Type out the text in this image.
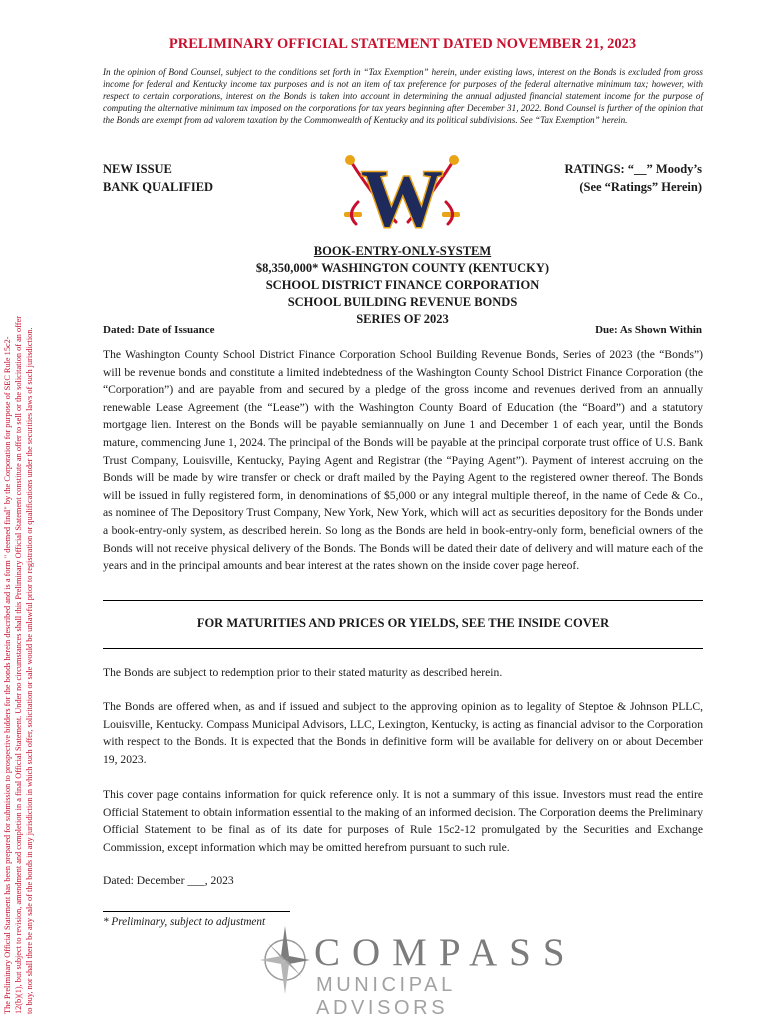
The Preliminary Official Statement has been prepared for submission to prospective bidders for the bonds herein described and is a form " deemed final" by the Corporation for purpose of SEC Rule 15c2- 12(b)(1), but subject to revision, amendment and completion in a final Official Statement. Under no circumstances shall this Preliminary Official Statement constitute an offer to sell or the solicitation of an offer to buy, nor shall there be any sale of the bonds in any jurisdiction in which such offer, solicitation or sale would be unlawful prior to registration or qualifications under the securities laws of such jurisdiction.
PRELIMINARY OFFICIAL STATEMENT DATED NOVEMBER 21, 2023
In the opinion of Bond Counsel, subject to the conditions set forth in “Tax Exemption” herein, under existing laws, interest on the Bonds is excluded from gross income for federal and Kentucky income tax purposes and is not an item of tax preference for purposes of the federal alternative minimum tax; however, with respect to certain corporations, interest on the Bonds is taken into account in determining the annual adjusted financial statement income for the purpose of computing the alternative minimum tax imposed on the corporations for tax years beginning after December 31, 2022. Bond Counsel is further of the opinion that the Bonds are exempt from ad valorem taxation by the Commonwealth of Kentucky and its political subdivisions. See “Tax Exemption” herein.
NEW ISSUE
BANK QUALIFIED
RATINGS: “__” Moody’s
(See “Ratings” Herein)
W
BOOK-ENTRY-ONLY-SYSTEM
$8,350,000* WASHINGTON COUNTY (KENTUCKY)
SCHOOL DISTRICT FINANCE CORPORATION
SCHOOL BUILDING REVENUE BONDS
SERIES OF 2023
Dated: Date of Issuance	Due: As Shown Within
The Washington County School District Finance Corporation School Building Revenue Bonds, Series of 2023 (the “Bonds”) will be revenue bonds and constitute a limited indebtedness of the Washington County School District Finance Corporation (the “Corporation”) and are payable from and secured by a pledge of the gross income and revenues derived from an annually renewable Lease Agreement (the “Lease”) with the Washington County Board of Education (the “Board”) and a statutory mortgage lien. Interest on the Bonds will be payable semiannually on June 1 and December 1 of each year, until the Bonds mature, commencing June 1, 2024. The principal of the Bonds will be payable at the principal corporate trust office of U.S. Bank Trust Company, Louisville, Kentucky, Paying Agent and Registrar (the “Paying Agent”). Payment of interest accruing on the Bonds will be made by wire transfer or check or draft mailed by the Paying Agent to the registered owner thereof. The Bonds will be issued in fully registered form, in denominations of $5,000 or any integral multiple thereof, in the name of Cede & Co., as nominee of The Depository Trust Company, New York, New York, which will act as securities depository for the Bonds under a book-entry-only system, as described herein. So long as the Bonds are held in book-entry-only form, beneficial owners of the Bonds will not receive physical delivery of the Bonds. The Bonds will be dated their date of delivery and will mature each of the years and in the principal amounts and bear interest at the rates shown on the inside cover page hereof.
FOR MATURITIES AND PRICES OR YIELDS, SEE THE INSIDE COVER
The Bonds are subject to redemption prior to their stated maturity as described herein.
The Bonds are offered when, as and if issued and subject to the approving opinion as to legality of Steptoe & Johnson PLLC, Louisville, Kentucky. Compass Municipal Advisors, LLC, Lexington, Kentucky, is acting as financial advisor to the Corporation with respect to the Bonds. It is expected that the Bonds in definitive form will be available for delivery on or about December 19, 2023.
This cover page contains information for quick reference only. It is not a summary of this issue. Investors must read the entire Official Statement to obtain information essential to the making of an informed decision. The Corporation deems the Preliminary Official Statement to be final as of its date for purposes of Rule 15c2-12 promulgated by the Securities and Exchange Commission, except information which may be omitted herefrom pursuant to such rule.
Dated: December ___, 2023
* Preliminary, subject to adjustment
COMPASS
MUNICIPAL ADVISORS
